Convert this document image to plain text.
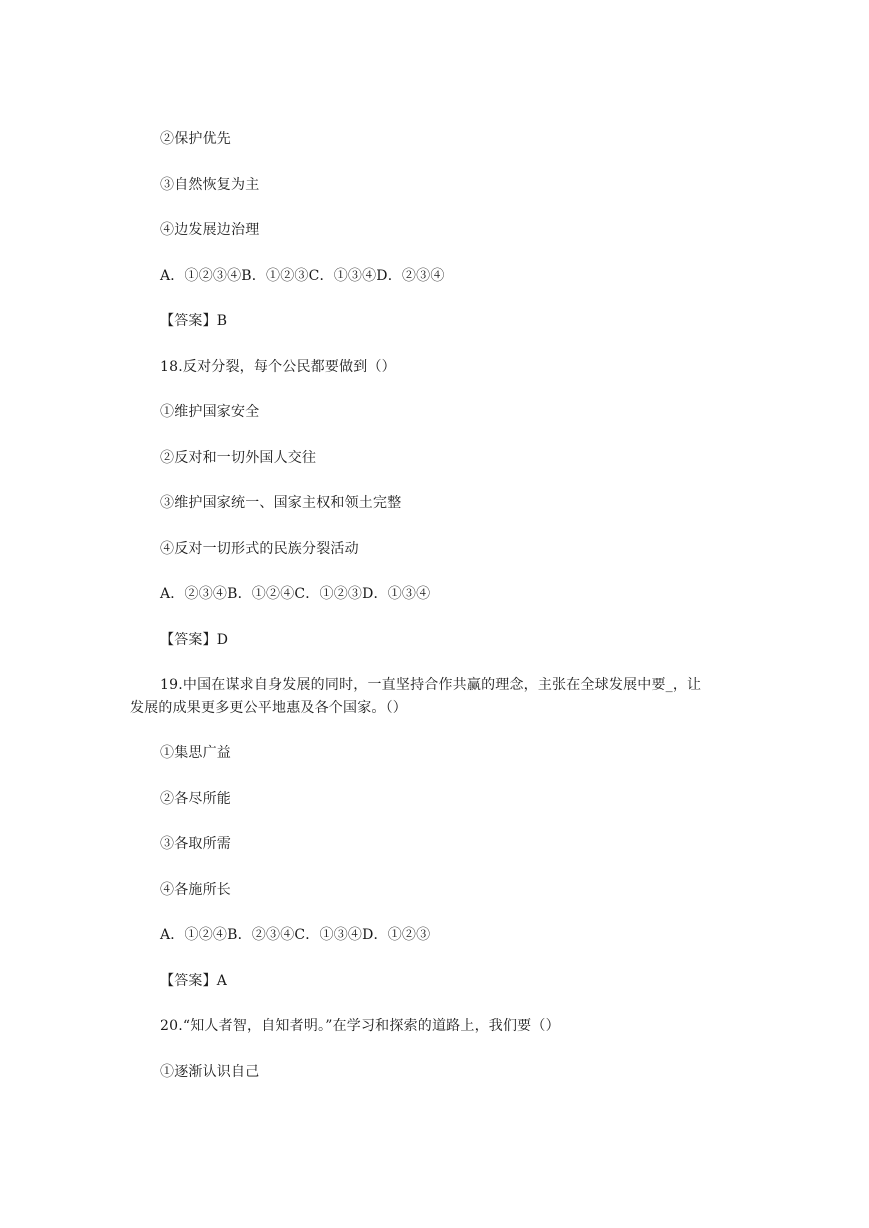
②保护优先
③自然恢复为主
④边发展边治理
A．①②③④B．①②③C．①③④D．②③④
【答案】B
18.反对分裂，每个公民都要做到（）
①维护国家安全
②反对和一切外国人交往
③维护国家统一、国家主权和领土完整
④反对一切形式的民族分裂活动
A．②③④B．①②④C．①②③D．①③④
【答案】D
19.中国在谋求自身发展的同时，一直坚持合作共赢的理念，主张在全球发展中要_，让
发展的成果更多更公平地惠及各个国家。（）
①集思广益
②各尽所能
③各取所需
④各施所长
A．①②④B．②③④C．①③④D．①②③
【答案】A
20.“知人者智，自知者明。”在学习和探索的道路上，我们要（）
①逐渐认识自己
